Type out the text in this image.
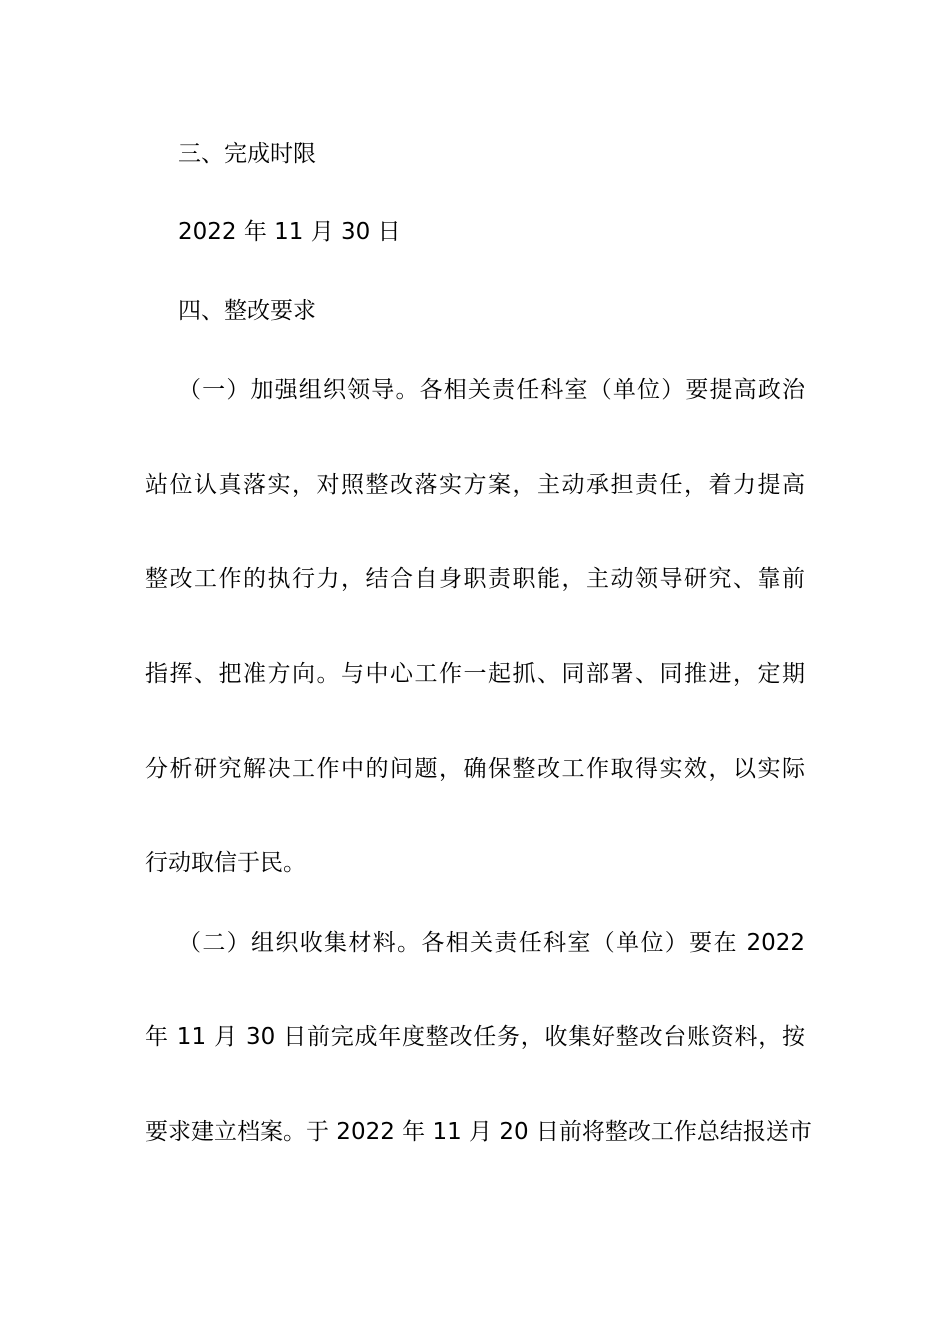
三、完成时限
2022 年 11 月 30 日
四、整改要求
（一）加强组织领导。各相关责任科室（单位）要提高政治
站位认真落实，对照整改落实方案，主动承担责任，着力提高
整改工作的执行力，结合自身职责职能，主动领导研究、靠前
指挥、把准方向。与中心工作一起抓、同部署、同推进，定期
分析研究解决工作中的问题，确保整改工作取得实效，以实际
行动取信于民。
（二）组织收集材料。各相关责任科室（单位）要在 2022
年 11 月 30 日前完成年度整改任务，收集好整改台账资料，按
要求建立档案。于 2022 年 11 月 20 日前将整改工作总结报送市
